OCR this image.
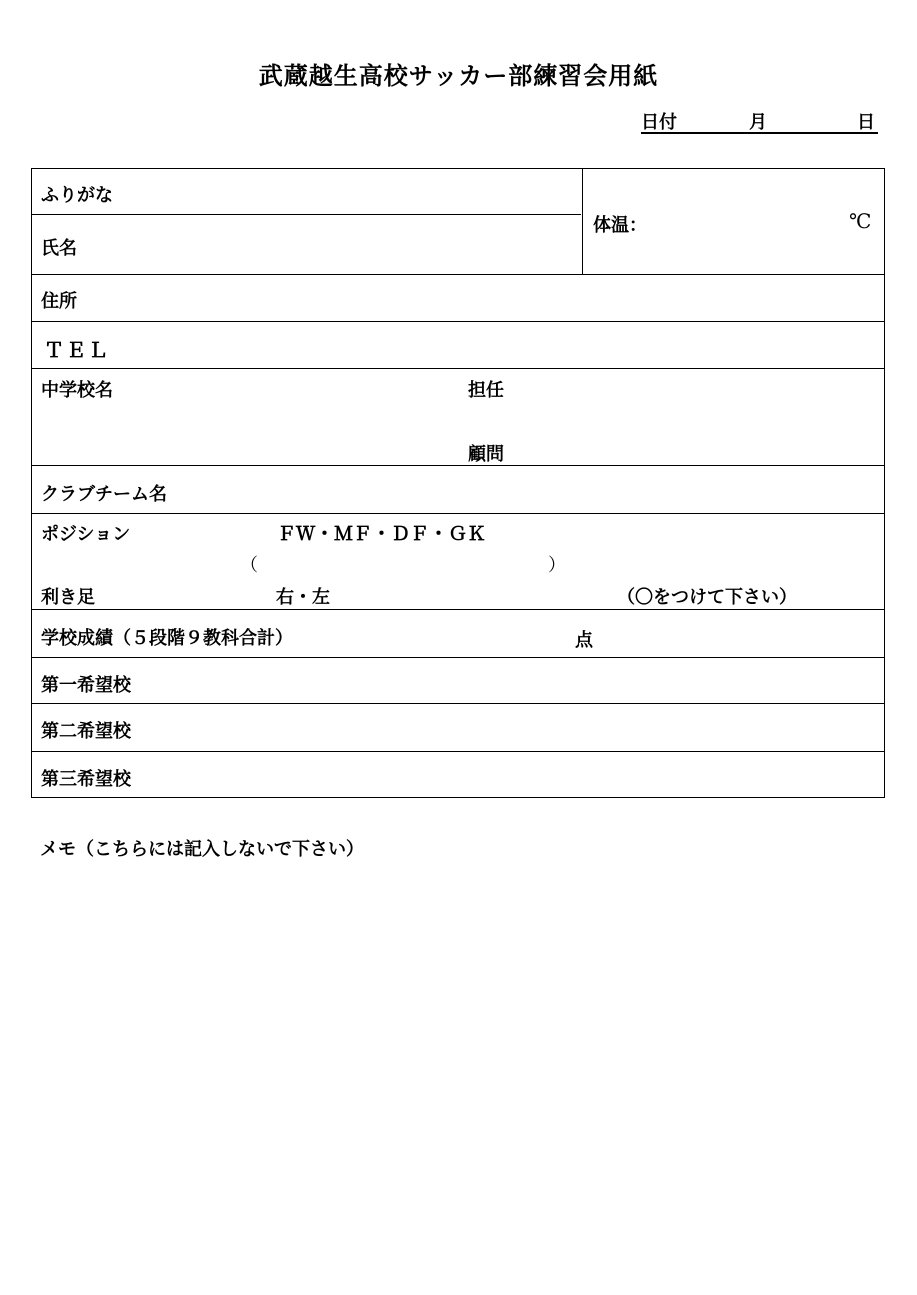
武蔵越生高校サッカー部練習会用紙
日付	月	日
ふりがな
氏名
体温：	℃
住所
ＴＥＬ
中学校名	担任
顧問
クラブチーム名
ポジション	ＦＷ・ＭＦ・ＤＦ・ＧＫ
（	）
利き足	右・左	（〇をつけて下さい）
学校成績（５段階９教科合計）	点
第一希望校
第二希望校
第三希望校
メモ（こちらには記入しないで下さい）
